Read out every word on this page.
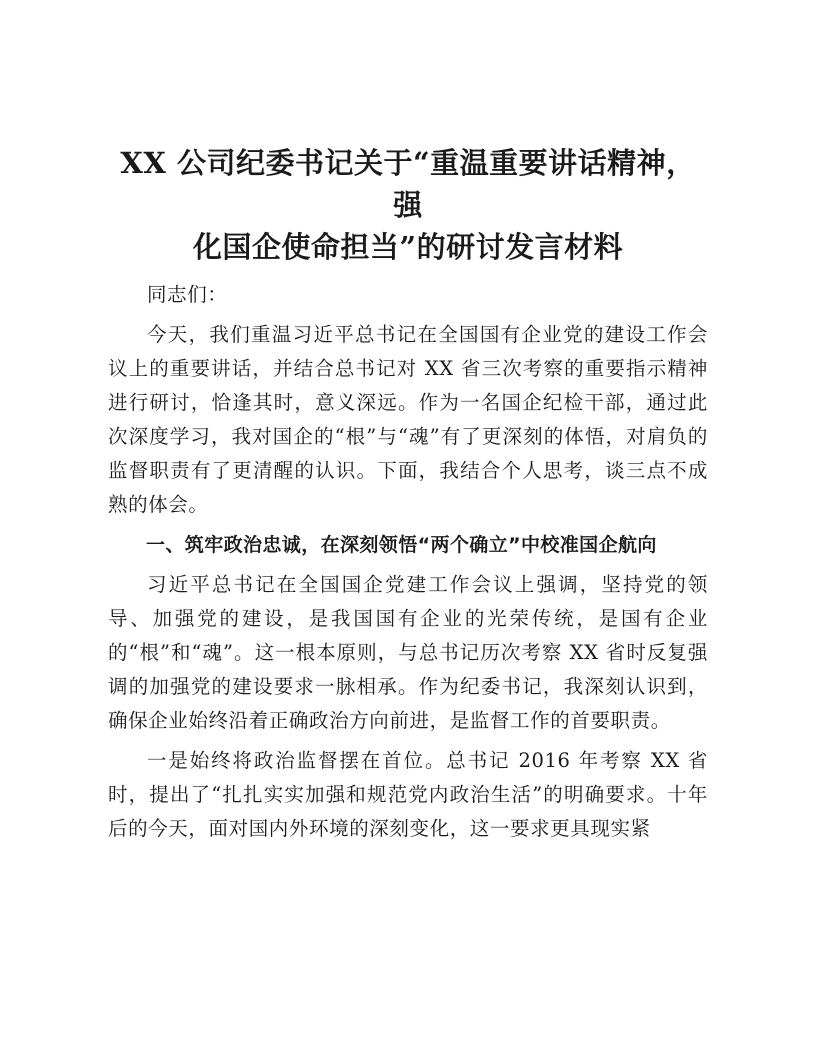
XX 公司纪委书记关于“重温重要讲话精神，强
化国企使命担当”的研讨发言材料

同志们：

今天，我们重温习近平总书记在全国国有企业党的建设工作会议上的重要讲话，并结合总书记对 XX 省三次考察的重要指示精神进行研讨，恰逢其时，意义深远。作为一名国企纪检干部，通过此次深度学习，我对国企的“根”与“魂”有了更深刻的体悟，对肩负的监督职责有了更清醒的认识。下面，我结合个人思考，谈三点不成熟的体会。

一、筑牢政治忠诚，在深刻领悟“两个确立”中校准国企航向

习近平总书记在全国国企党建工作会议上强调，坚持党的领导、加强党的建设，是我国国有企业的光荣传统，是国有企业的“根”和“魂”。这一根本原则，与总书记历次考察 XX 省时反复强调的加强党的建设要求一脉相承。作为纪委书记，我深刻认识到，确保企业始终沿着正确政治方向前进，是监督工作的首要职责。

一是始终将政治监督摆在首位。总书记 2016 年考察 XX 省时，提出了“扎扎实实加强和规范党内政治生活”的明确要求。十年后的今天，面对国内外环境的深刻变化，这一要求更具现实紧
